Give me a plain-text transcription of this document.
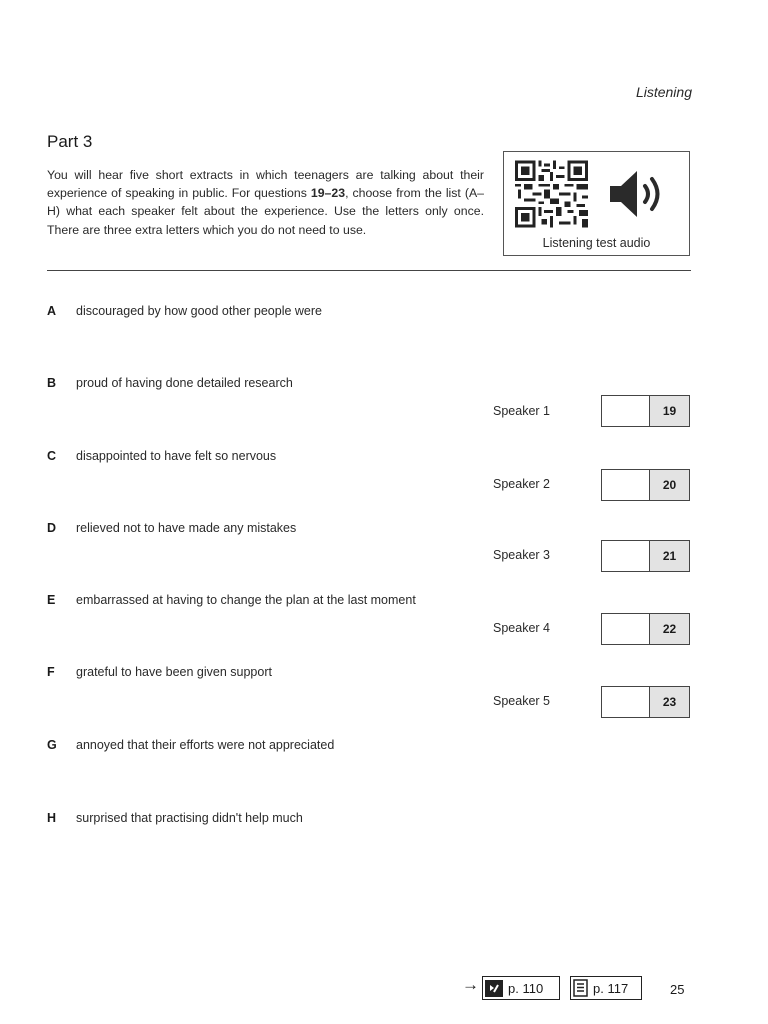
Listening
Part 3
You will hear five short extracts in which teenagers are talking about their experience of speaking in public. For questions 19–23, choose from the list (A–H) what each speaker felt about the experience. Use the letters only once. There are three extra letters which you do not need to use.
Listening test audio
A discouraged by how good other people were
B proud of having done detailed research
C disappointed to have felt so nervous
D relieved not to have made any mistakes
E embarrassed at having to change the plan at the last moment
F grateful to have been given support
G annoyed that their efforts were not appreciated
H surprised that practising didn't help much
Speaker 1	19
Speaker 2	20
Speaker 3	21
Speaker 4	22
Speaker 5	23
→ p. 110	p. 117	25
